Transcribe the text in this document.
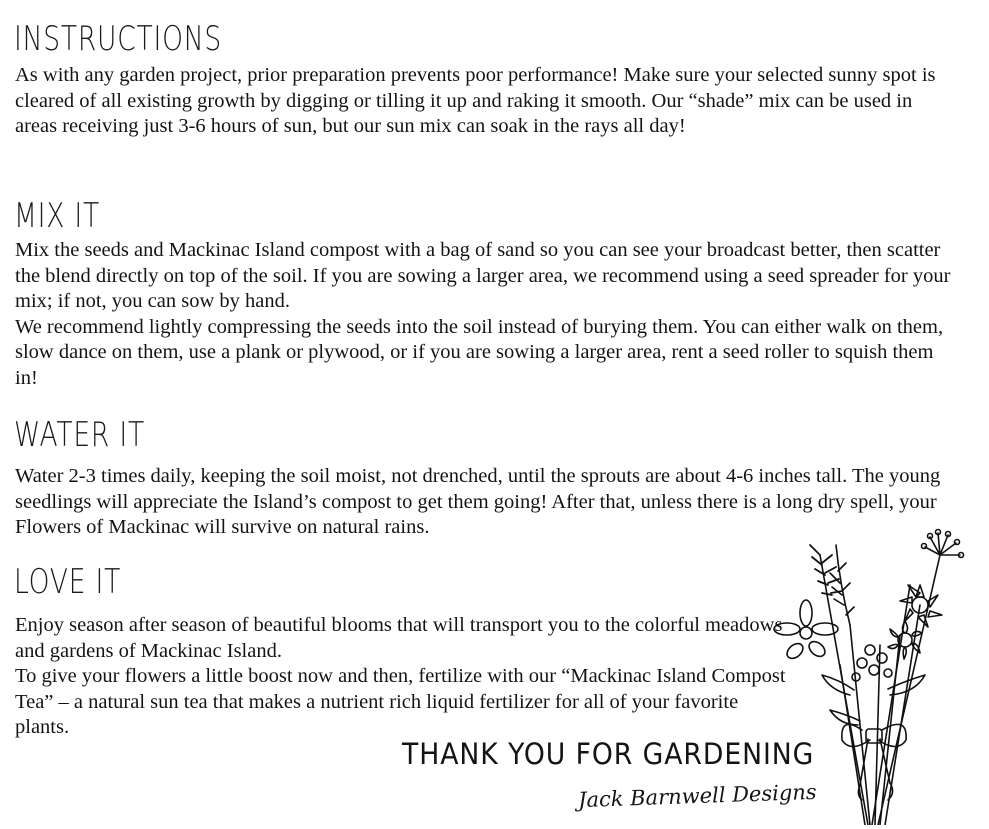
INSTRUCTIONS

As with any garden project, prior preparation prevents poor performance! Make sure your selected sunny spot is cleared of all existing growth by digging or tilling it up and raking it smooth. Our “shade” mix can be used in areas receiving just 3-6 hours of sun, but our sun mix can soak in the rays all day!

MIX IT

Mix the seeds and Mackinac Island compost with a bag of sand so you can see your broadcast better, then scatter the blend directly on top of the soil. If you are sowing a larger area, we recommend using a seed spreader for your mix; if not, you can sow by hand.

We recommend lightly compressing the seeds into the soil instead of burying them. You can either walk on them, slow dance on them, use a plank or plywood, or if you are sowing a larger area, rent a seed roller to squish them in!

WATER IT

Water 2-3 times daily, keeping the soil moist, not drenched, until the sprouts are about 4-6 inches tall. The young seedlings will appreciate the Island’s compost to get them going! After that, unless there is a long dry spell, your Flowers of Mackinac will survive on natural rains.

LOVE IT

Enjoy season after season of beautiful blooms that will transport you to the colorful meadows and gardens of Mackinac Island.

To give your flowers a little boost now and then, fertilize with our “Mackinac Island Compost Tea” – a natural sun tea that makes a nutrient rich liquid fertilizer for all of your favorite plants.

THANK YOU FOR GARDENING
Jack Barnwell Designs
